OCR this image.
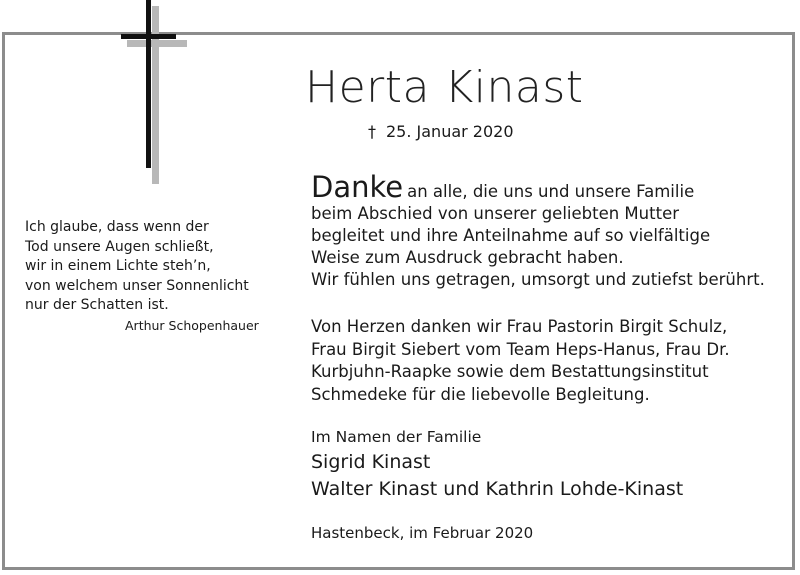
Herta Kinast
† 25. Januar 2020
Ich glaube, dass wenn der
Tod unsere Augen schließt,
wir in einem Lichte steh’n,
von welchem unser Sonnenlicht
nur der Schatten ist.
Arthur Schopenhauer
Danke an alle, die uns und unsere Familie
beim Abschied von unserer geliebten Mutter
begleitet und ihre Anteilnahme auf so vielfältige
Weise zum Ausdruck gebracht haben.
Wir fühlen uns getragen, umsorgt und zutiefst berührt.
Von Herzen danken wir Frau Pastorin Birgit Schulz,
Frau Birgit Siebert vom Team Heps-Hanus, Frau Dr.
Kurbjuhn-Raapke sowie dem Bestattungsinstitut
Schmedeke für die liebevolle Begleitung.
Im Namen der Familie
Sigrid Kinast
Walter Kinast und Kathrin Lohde-Kinast
Hastenbeck, im Februar 2020
